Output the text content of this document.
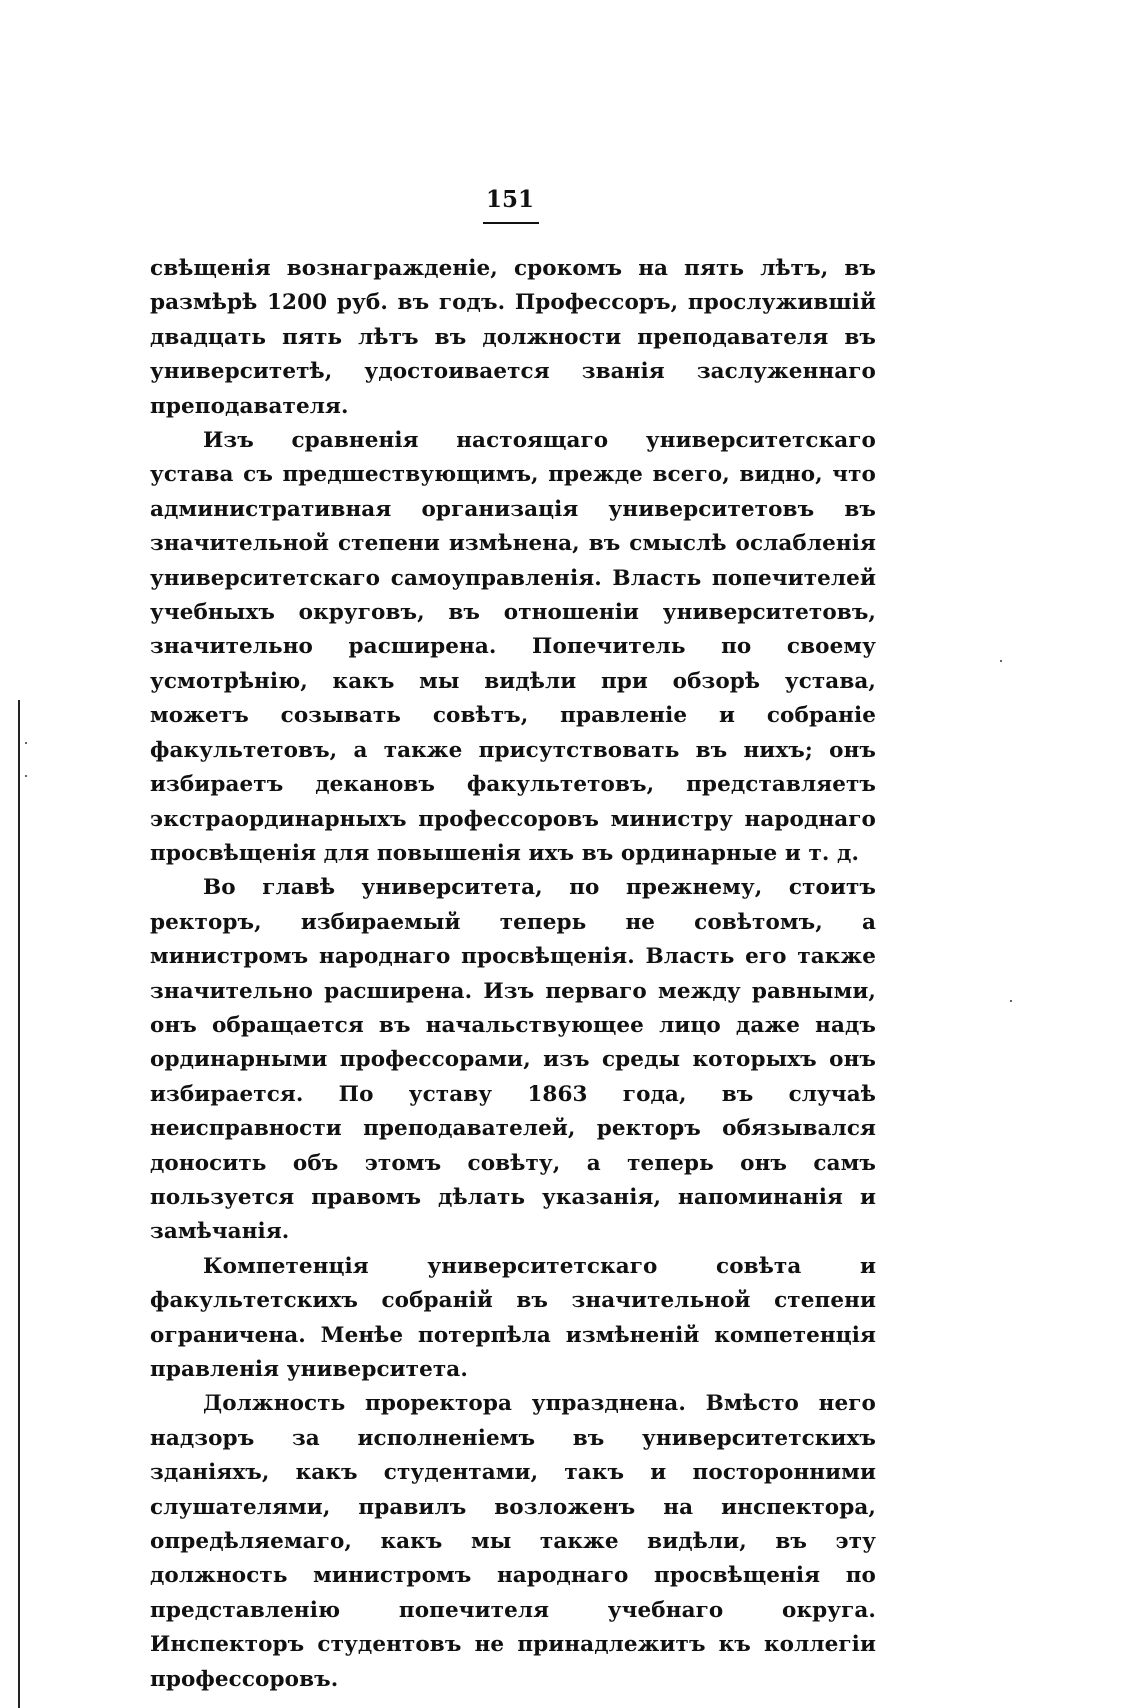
151

свѣщенія вознагражденіе, срокомъ на пять лѣтъ, въ размѣрѣ 1200 руб. въ годъ. Профессоръ, прослужившій двадцать пять лѣтъ въ должности преподавателя въ университетѣ, удостоивается званія заслуженнаго преподавателя.

Изъ сравненія настоящаго университетскаго устава съ предшествующимъ, прежде всего, видно, что административная организація университетовъ въ значительной степени измѣнена, въ смыслѣ ослабленія университетскаго самоуправленія. Власть попечителей учебныхъ округовъ, въ отношеніи университетовъ, значительно расширена. Попечитель по своему усмотрѣнію, какъ мы видѣли при обзорѣ устава, можетъ созывать совѣтъ, правленіе и собраніе факультетовъ, а также присутствовать въ нихъ; онъ избираетъ декановъ факультетовъ, представляетъ экстраординарныхъ профессоровъ министру народнаго просвѣщенія для повышенія ихъ въ ординарные и т. д.

Во главѣ университета, по прежнему, стоитъ ректоръ, избираемый теперь не совѣтомъ, а министромъ народнаго просвѣщенія. Власть его также значительно расширена. Изъ перваго между равными, онъ обращается въ начальствующее лицо даже надъ ординарными профессорами, изъ среды которыхъ онъ избирается. По уставу 1863 года, въ случаѣ неисправности преподавателей, ректоръ обязывался доносить объ этомъ совѣту, а теперь онъ самъ пользуется правомъ дѣлать указанія, напоминанія и замѣчанія.

Компетенція университетскаго совѣта и факультетскихъ собраній въ значительной степени ограничена. Менѣе потерпѣла измѣненій компетенція правленія университета.

Должность проректора упразднена. Вмѣсто него надзоръ за исполненіемъ въ университетскихъ зданіяхъ, какъ студентами, такъ и посторонними слушателями, правилъ возложенъ на инспектора, опредѣляемаго, какъ мы также видѣли, въ эту должность министромъ народнаго просвѣщенія по представленію попечителя учебнаго округа. Инспекторъ студентовъ не принадлежитъ къ коллегіи профессоровъ.
